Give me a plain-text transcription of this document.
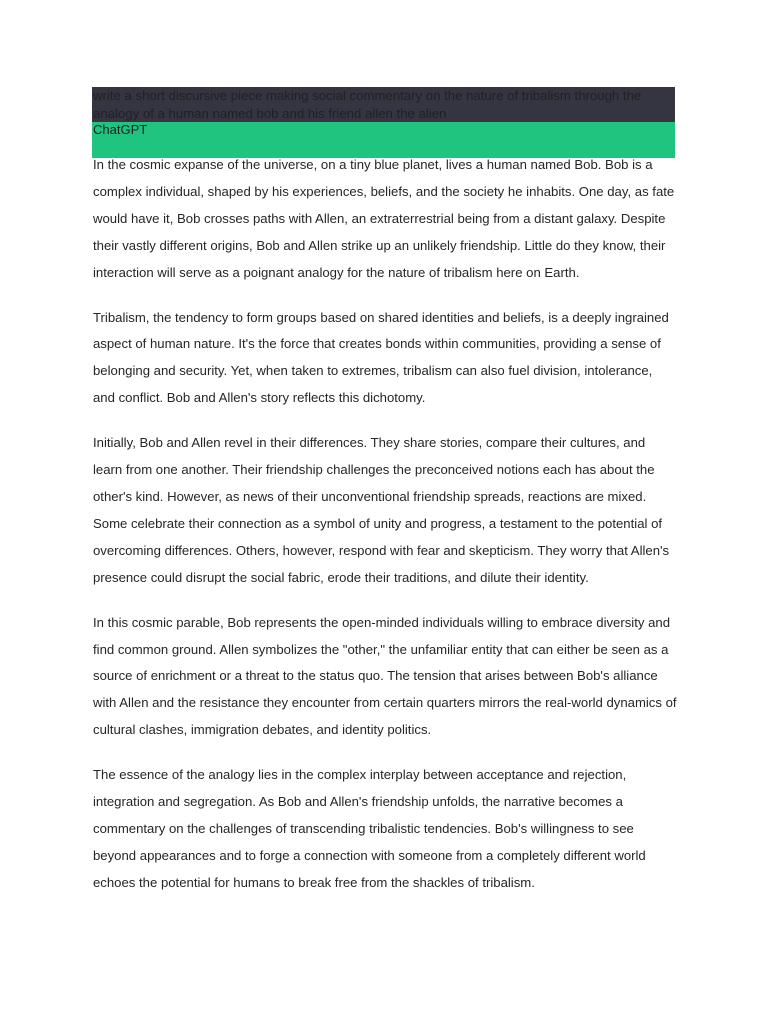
write a short discursive piece making social commentary on the nature of tribalism through the analogy of a human named bob and his friend allen the alien
ChatGPT

In the cosmic expanse of the universe, on a tiny blue planet, lives a human named Bob. Bob is a complex individual, shaped by his experiences, beliefs, and the society he inhabits. One day, as fate would have it, Bob crosses paths with Allen, an extraterrestrial being from a distant galaxy. Despite their vastly different origins, Bob and Allen strike up an unlikely friendship. Little do they know, their interaction will serve as a poignant analogy for the nature of tribalism here on Earth.

Tribalism, the tendency to form groups based on shared identities and beliefs, is a deeply ingrained aspect of human nature. It's the force that creates bonds within communities, providing a sense of belonging and security. Yet, when taken to extremes, tribalism can also fuel division, intolerance, and conflict. Bob and Allen's story reflects this dichotomy.

Initially, Bob and Allen revel in their differences. They share stories, compare their cultures, and learn from one another. Their friendship challenges the preconceived notions each has about the other's kind. However, as news of their unconventional friendship spreads, reactions are mixed. Some celebrate their connection as a symbol of unity and progress, a testament to the potential of overcoming differences. Others, however, respond with fear and skepticism. They worry that Allen's presence could disrupt the social fabric, erode their traditions, and dilute their identity.

In this cosmic parable, Bob represents the open-minded individuals willing to embrace diversity and find common ground. Allen symbolizes the "other," the unfamiliar entity that can either be seen as a source of enrichment or a threat to the status quo. The tension that arises between Bob's alliance with Allen and the resistance they encounter from certain quarters mirrors the real-world dynamics of cultural clashes, immigration debates, and identity politics.

The essence of the analogy lies in the complex interplay between acceptance and rejection, integration and segregation. As Bob and Allen's friendship unfolds, the narrative becomes a commentary on the challenges of transcending tribalistic tendencies. Bob's willingness to see beyond appearances and to forge a connection with someone from a completely different world echoes the potential for humans to break free from the shackles of tribalism.
